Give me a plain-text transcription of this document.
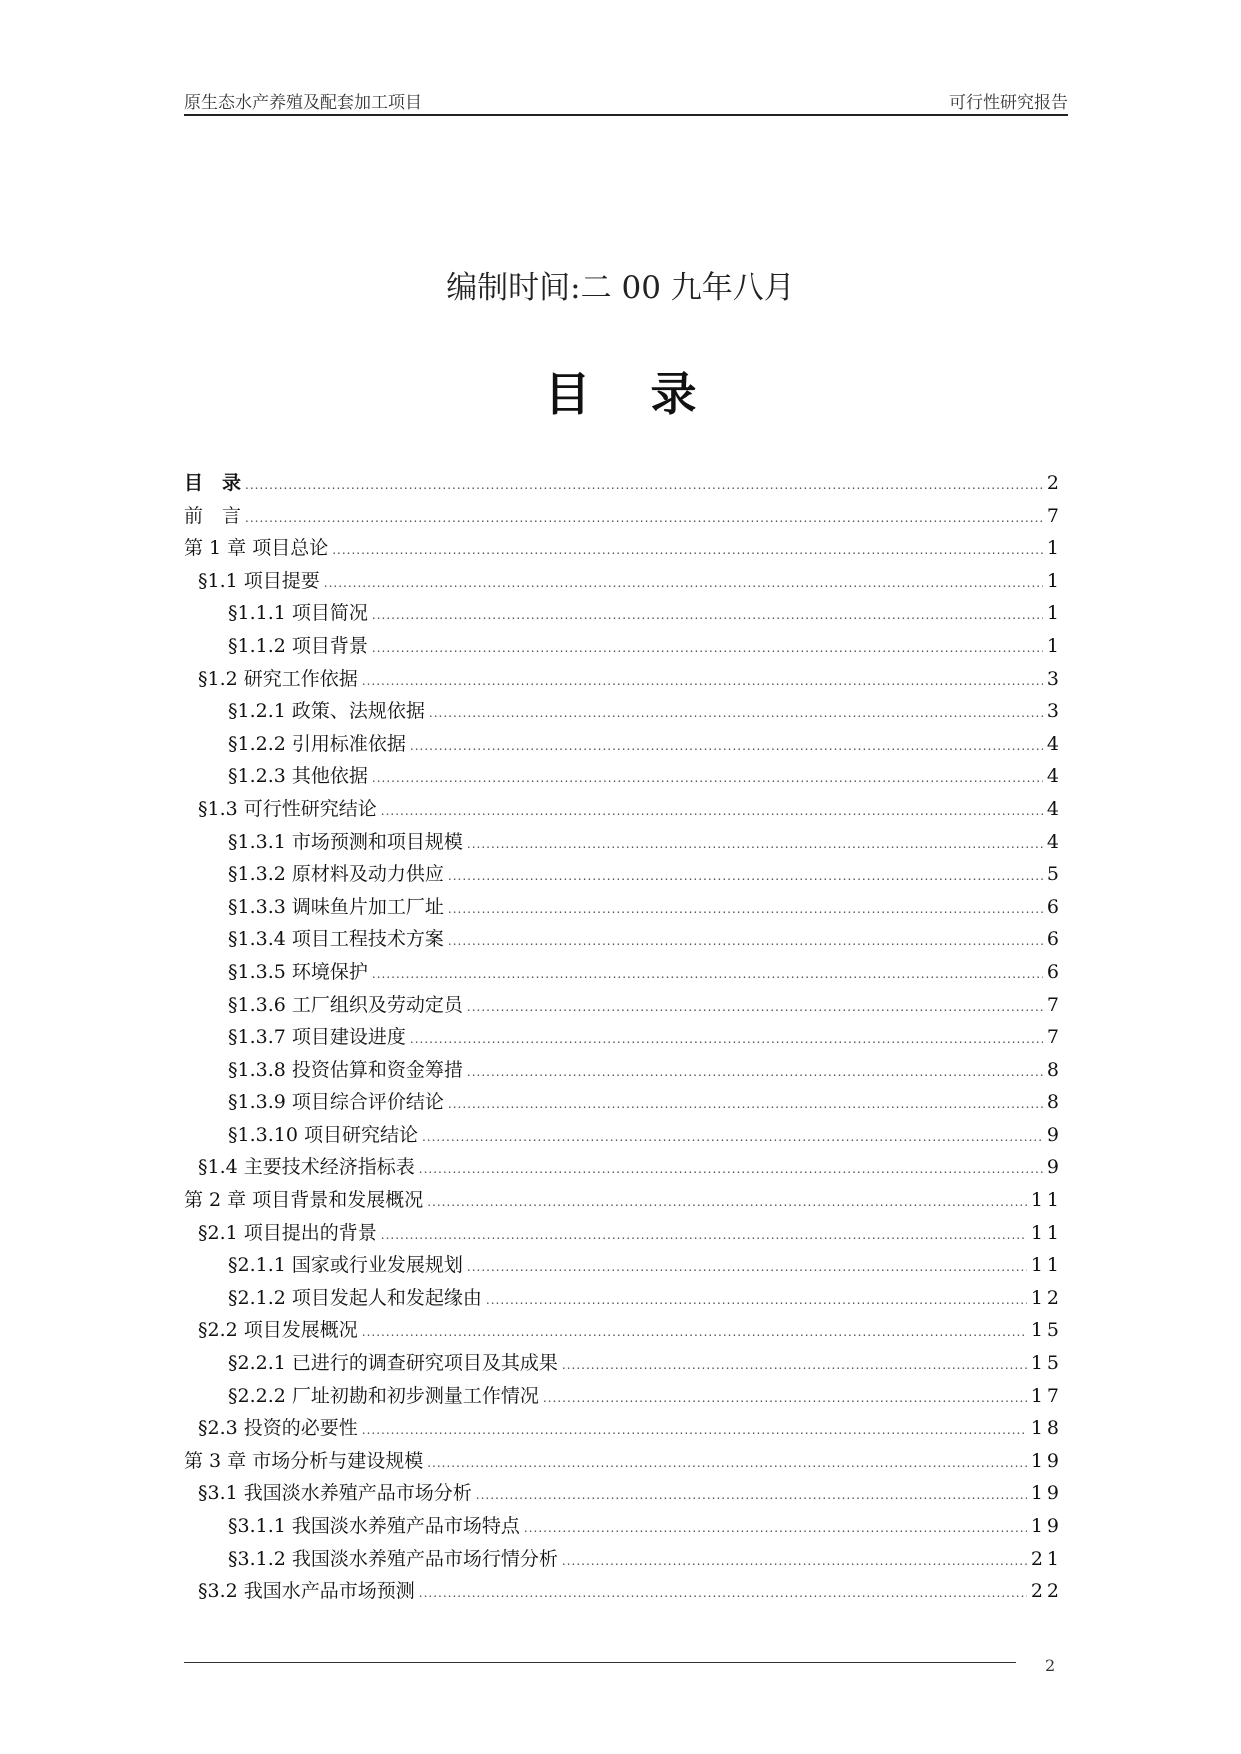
原生态水产养殖及配套加工项目	可行性研究报告
编制时间:二 00 九年八月
目录
目　录 .....	2
前　言 .....	7
第 1 章 项目总论 .....	1
§1.1 项目提要 .....	1
§1.1.1 项目简况 .....	1
§1.1.2 项目背景 .....	1
§1.2 研究工作依据 .....	3
§1.2.1 政策、法规依据 .....	3
§1.2.2 引用标准依据 .....	4
§1.2.3 其他依据 .....	4
§1.3 可行性研究结论 .....	4
§1.3.1 市场预测和项目规模 .....	4
§1.3.2 原材料及动力供应 .....	5
§1.3.3 调味鱼片加工厂址 .....	6
§1.3.4 项目工程技术方案 .....	6
§1.3.5 环境保护 .....	6
§1.3.6 工厂组织及劳动定员 .....	7
§1.3.7 项目建设进度 .....	7
§1.3.8 投资估算和资金筹措 .....	8
§1.3.9 项目综合评价结论 .....	8
§1.3.10 项目研究结论 .....	9
§1.4 主要技术经济指标表 .....	9
第 2 章 项目背景和发展概况 .....	11
§2.1 项目提出的背景 .....	11
§2.1.1 国家或行业发展规划 .....	11
§2.1.2 项目发起人和发起缘由 .....	12
§2.2 项目发展概况 .....	15
§2.2.1 已进行的调查研究项目及其成果 .....	15
§2.2.2 厂址初勘和初步测量工作情况 .....	17
§2.3 投资的必要性 .....	18
第 3 章 市场分析与建设规模 .....	19
§3.1 我国淡水养殖产品市场分析 .....	19
§3.1.1 我国淡水养殖产品市场特点 .....	19
§3.1.2 我国淡水养殖产品市场行情分析 .....	21
§3.2 我国水产品市场预测 .....	22
2
